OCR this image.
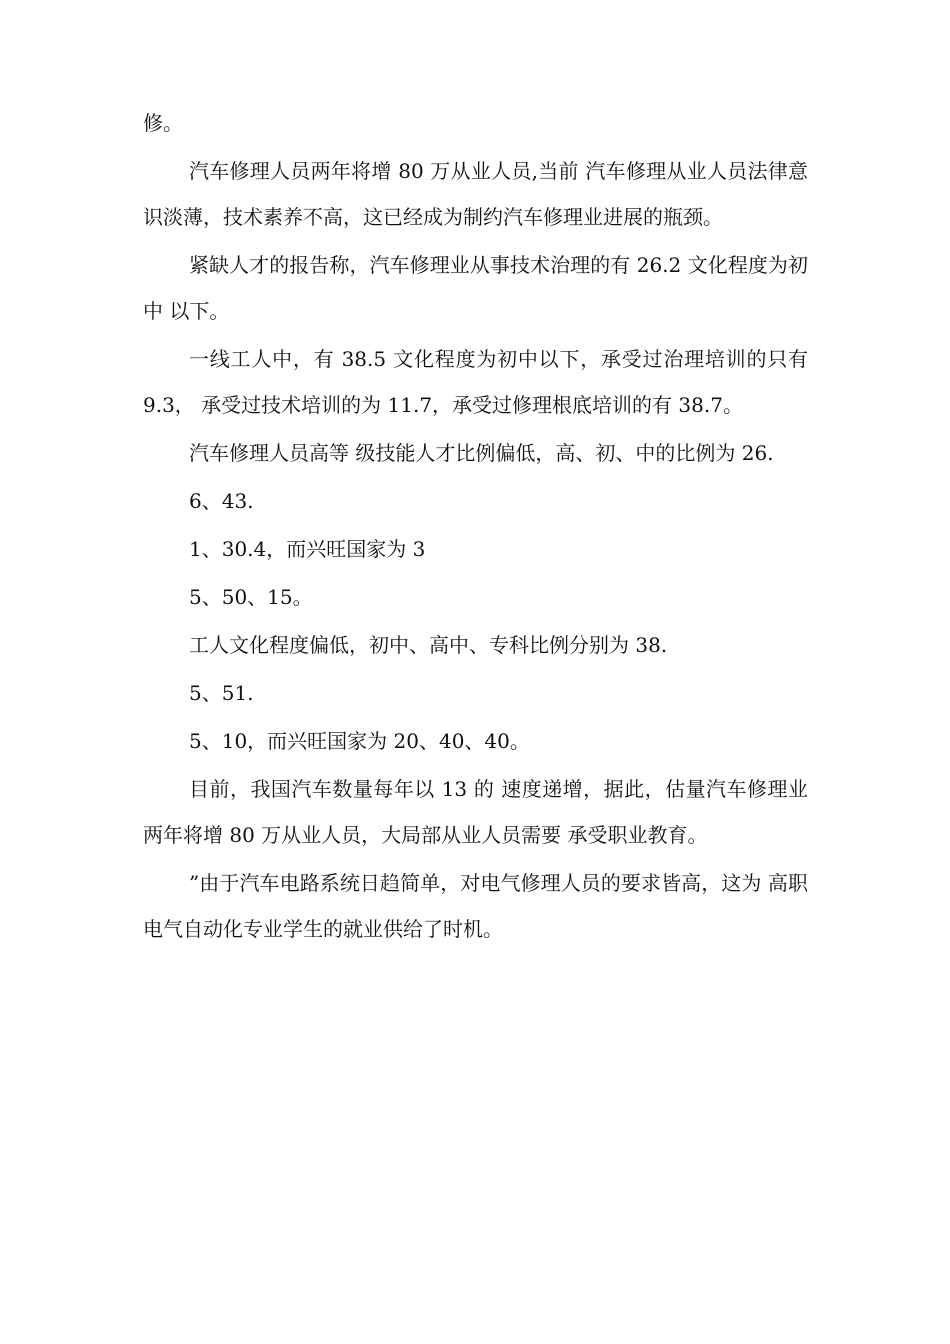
修。

汽车修理人员两年将增 80 万从业人员,当前 汽车修理从业人员法律意识淡薄，技术素养不高，这已经成为制约汽车修理业进展的瓶颈。

紧缺人才的报告称，汽车修理业从事技术治理的有 26.2 文化程度为初中 以下。

一线工人中，有 38.5 文化程度为初中以下，承受过治理培训的只有 9.3， 承受过技术培训的为 11.7，承受过修理根底培训的有 38.7。

汽车修理人员高等 级技能人才比例偏低，高、初、中的比例为 26.

6、43.

1、30.4，而兴旺国家为 3

5、50、15。

工人文化程度偏低，初中、高中、专科比例分别为 38.

5、51.

5、10，而兴旺国家为 20、40、40。

目前，我国汽车数量每年以 13 的 速度递增，据此，估量汽车修理业两年将增 80 万从业人员，大局部从业人员需要 承受职业教育。

”由于汽车电路系统日趋简单，对电气修理人员的要求皆高，这为 高职电气自动化专业学生的就业供给了时机。
